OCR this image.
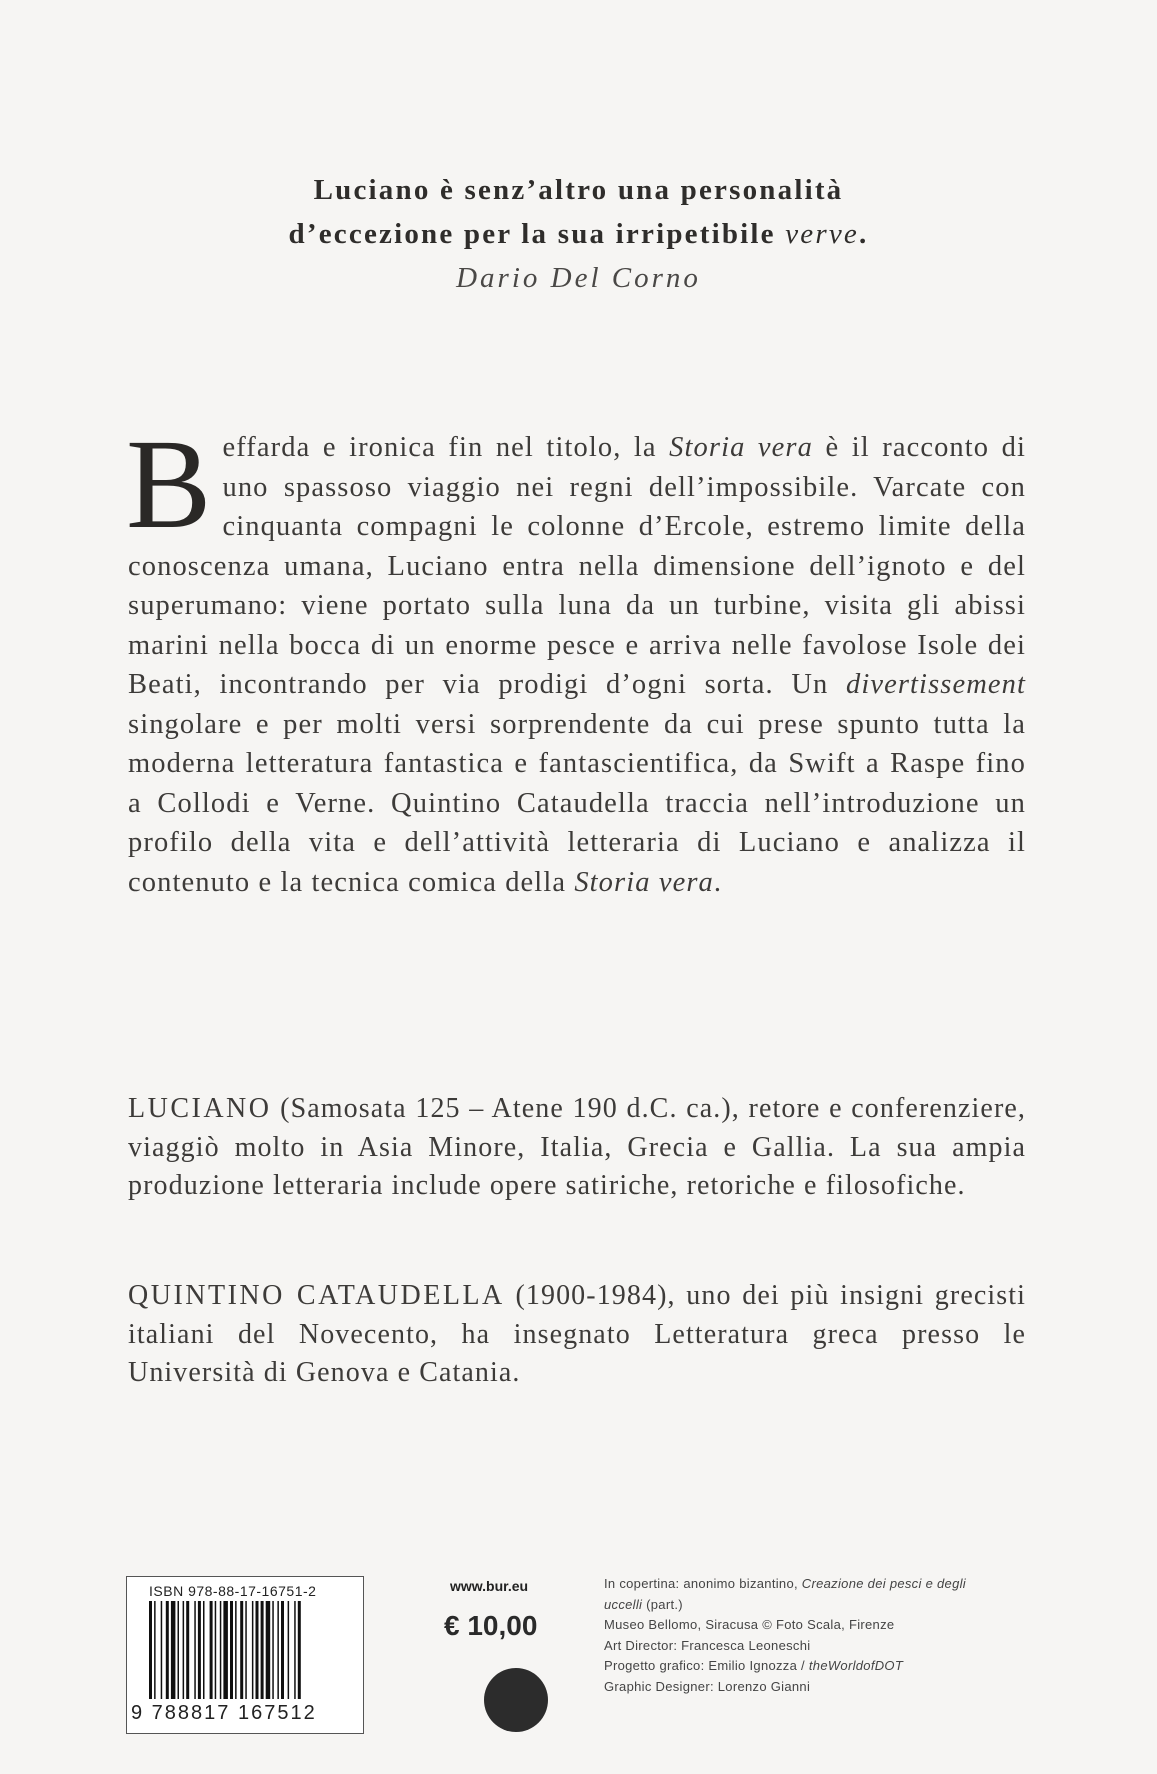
Luciano è senz’altro una personalità
d’eccezione per la sua irripetibile verve.
Dario Del Corno
Beffarda e ironica fin nel titolo, la Storia vera è il racconto di uno spassoso viaggio nei regni dell’impossibile. Varcate con cinquanta compagni le colonne d’Ercole, estremo limite della conoscenza umana, Luciano entra nella dimensione dell’ignoto e del superumano: viene portato sulla luna da un turbine, visita gli abissi marini nella bocca di un enorme pesce e arriva nelle favolose Isole dei Beati, incontrando per via prodigi d’ogni sorta. Un divertissement singolare e per molti versi sorprendente da cui prese spunto tutta la moderna letteratura fantastica e fantascientifica, da Swift a Raspe fino a Collodi e Verne. Quintino Cataudella traccia nell’introduzione un profilo della vita e dell’attività letteraria di Luciano e analizza il contenuto e la tecnica comica della Storia vera.
LUCIANO (Samosata 125 – Atene 190 d.C. ca.), retore e conferenziere, viaggiò molto in Asia Minore, Italia, Grecia e Gallia. La sua ampia produzione letteraria include opere satiriche, retoriche e filosofiche.
QUINTINO CATAUDELLA (1900-1984), uno dei più insigni grecisti italiani del Novecento, ha insegnato Letteratura greca presso le Università di Genova e Catania.
ISBN 978-88-17-16751-2
9 788817 167512
www.bur.eu
€ 10,00
In copertina: anonimo bizantino, Creazione dei pesci e degli uccelli (part.)
Museo Bellomo, Siracusa © Foto Scala, Firenze
Art Director: Francesca Leoneschi
Progetto grafico: Emilio Ignozza / theWorldofDOT
Graphic Designer: Lorenzo Gianni
